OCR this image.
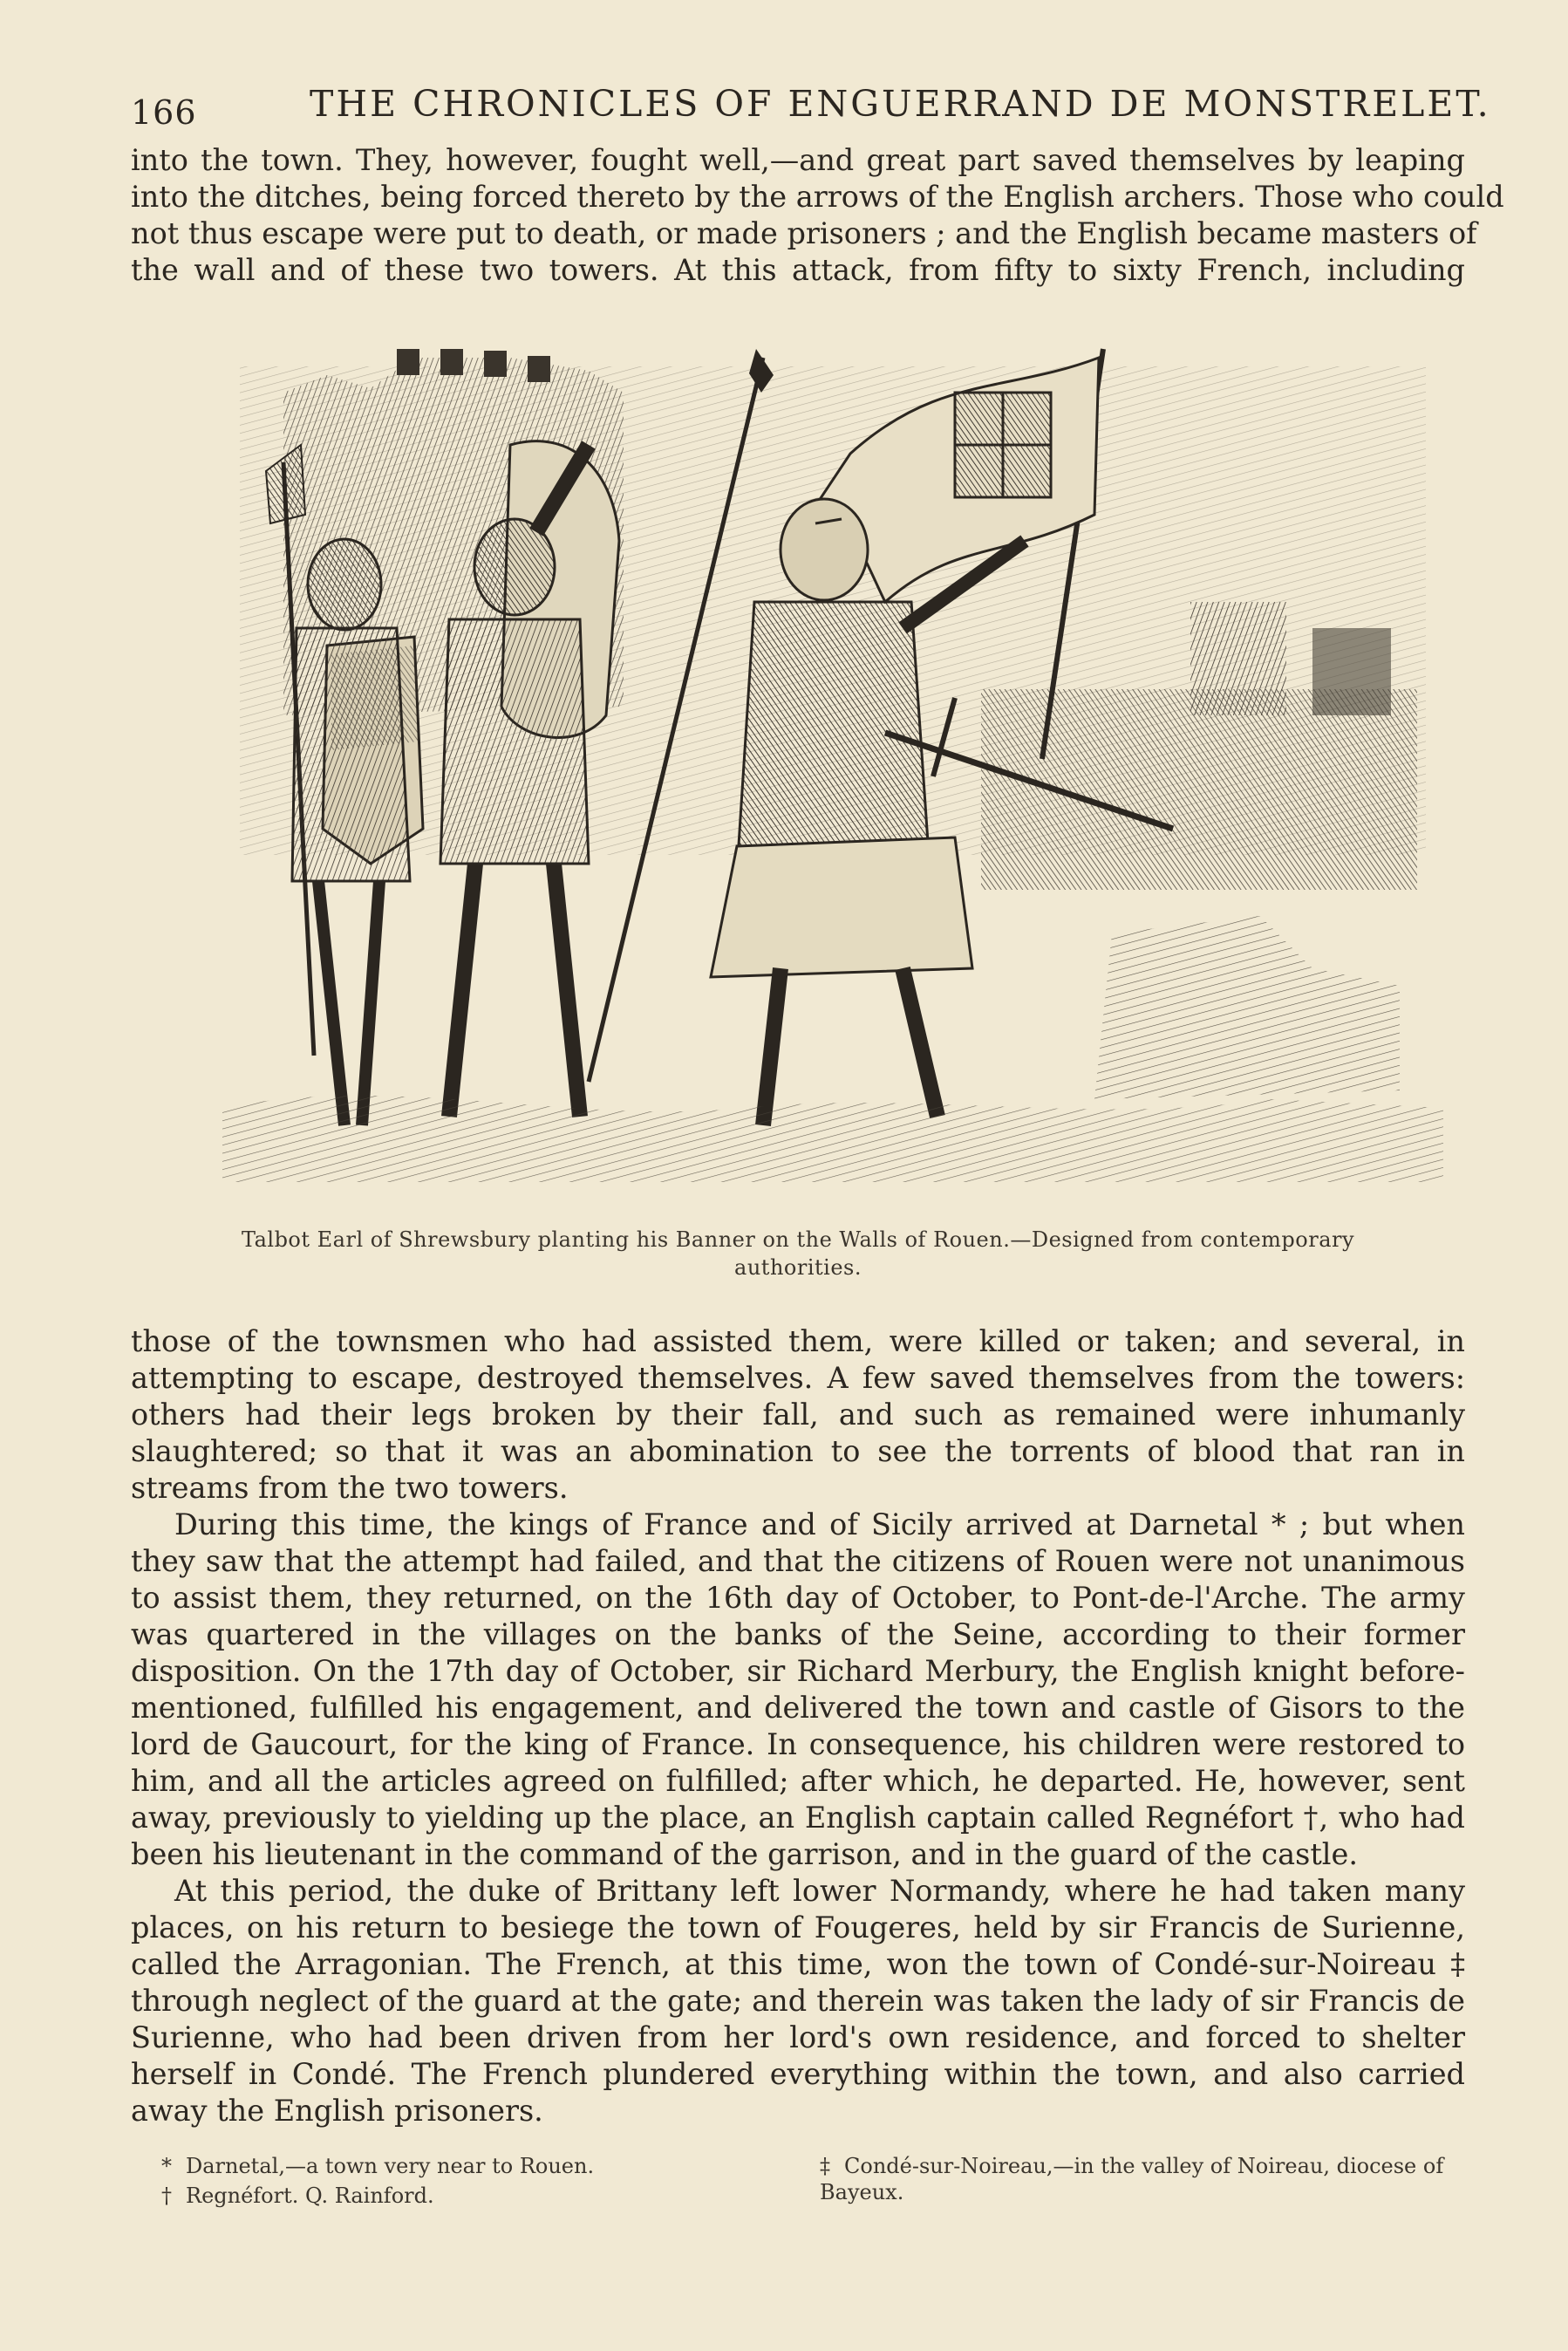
166	THE CHRONICLES OF ENGUERRAND DE MONSTRELET.
into the town. They, however, fought well,—and great part saved themselves by leaping
into the ditches, being forced thereto by the arrows of the English archers. Those who could
not thus escape were put to death, or made prisoners ; and the English became masters of
the wall and of these two towers. At this attack, from fifty to sixty French, including
Talbot Earl of Shrewsbury planting his Banner on the Walls of Rouen.—Designed from contemporary
authorities.

those of the townsmen who had assisted them, were killed or taken; and several, in attempting to escape, destroyed themselves. A few saved themselves from the towers: others had their legs broken by their fall, and such as remained were inhumanly slaughtered; so that it was an abomination to see the torrents of blood that ran in streams from the two towers.

During this time, the kings of France and of Sicily arrived at Darnetal * ; but when they saw that the attempt had failed, and that the citizens of Rouen were not unanimous to assist them, they returned, on the 16th day of October, to Pont-de-l'Arche. The army was quartered in the villages on the banks of the Seine, according to their former disposition. On the 17th day of October, sir Richard Merbury, the English knight before-mentioned, fulfilled his engagement, and delivered the town and castle of Gisors to the lord de Gaucourt, for the king of France. In consequence, his children were restored to him, and all the articles agreed on fulfilled; after which, he departed. He, however, sent away, previously to yielding up the place, an English captain called Regnéfort †, who had been his lieutenant in the command of the garrison, and in the guard of the castle.

At this period, the duke of Brittany left lower Normandy, where he had taken many places, on his return to besiege the town of Fougeres, held by sir Francis de Surienne, called the Arragonian. The French, at this time, won the town of Condé-sur-Noireau ‡ through neglect of the guard at the gate; and therein was taken the lady of sir Francis de Surienne, who had been driven from her lord's own residence, and forced to shelter herself in Condé. The French plundered everything within the town, and also carried away the English prisoners.

* Darnetal,—a town very near to Rouen.

† Regnéfort. Q. Rainford.

‡ Condé-sur-Noireau,—in the valley of Noireau, diocese of Bayeux.
